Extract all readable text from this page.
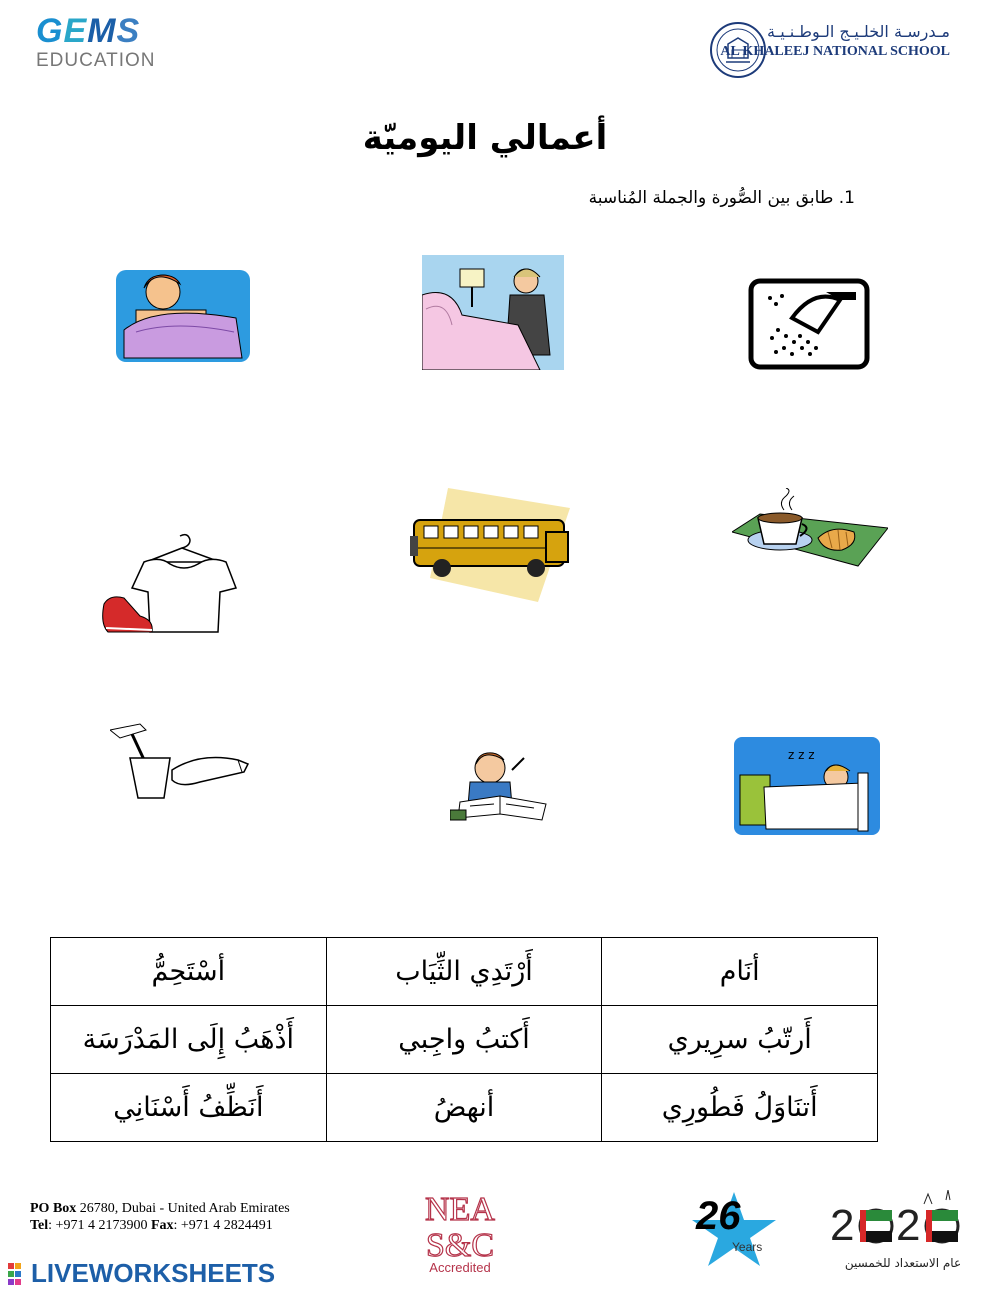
GEMS
EDUCATION
مـدرسـة الخلـيـج الـوطـنـيـة
AL KHALEEJ NATIONAL SCHOOL
أعمالي اليوميّة
1. طابق بين الصُّورة والجملة المُناسبة
z z z
أنَام	أَرْتَدِي الثِّيَاب	أسْتَحِمُّ
أَرتّبُ سرِيري	أَكتبُ واجِبي	أَذْهَبُ إِلَى المَدْرَسَة
أَتنَاوَلُ فَطُورِي	أنهضُ	أَنَظِّفُ أَسْنَانِي
PO Box 26780, Dubai - United Arab Emirates
Tel: +971 4 2173900 Fax: +971 4 2824491
LIVEWORKSHEETS
NEA
S&C
Accredited
26
Years 2 2
عام الاستعداد للخمسين
